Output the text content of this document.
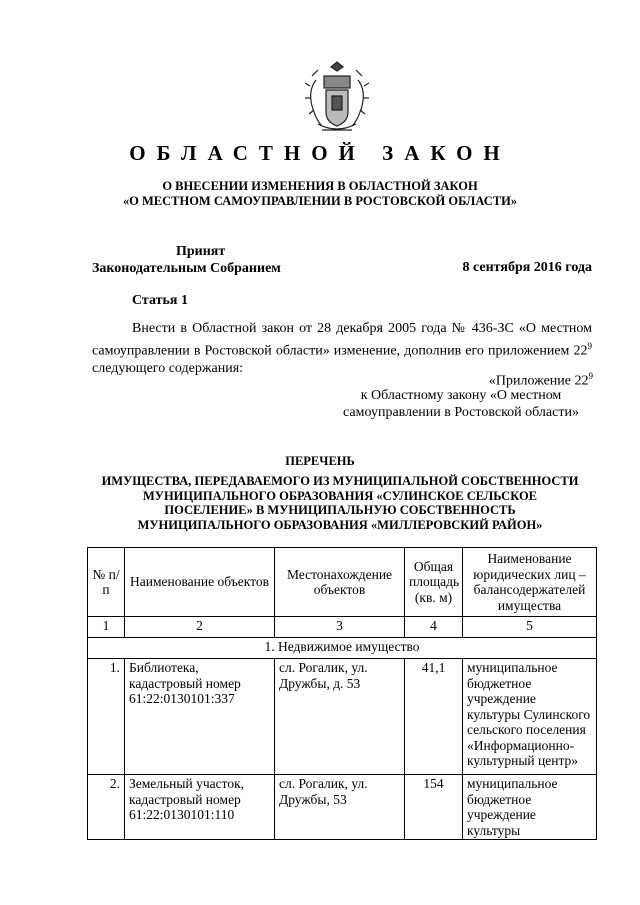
ОБЛАСТНОЙ ЗАКОН
О ВНЕСЕНИИ ИЗМЕНЕНИЯ В ОБЛАСТНОЙ ЗАКОН
«О МЕСТНОМ САМОУПРАВЛЕНИИ В РОСТОВСКОЙ ОБЛАСТИ»
Принят
Законодательным Собранием	8 сентября 2016 года
Статья 1
Внести в Областной закон от 28 декабря 2005 года № 436-ЗС «О местном самоуправлении в Ростовской области» изменение, дополнив его приложением $22^9$ следующего содержания:
«Приложение $22^9$
к Областному закону «О местном
самоуправлении в Ростовской области»
ПЕРЕЧЕНЬ
ИМУЩЕСТВА, ПЕРЕДАВАЕМОГО ИЗ МУНИЦИПАЛЬНОЙ СОБСТВЕННОСТИ
МУНИЦИПАЛЬНОГО ОБРАЗОВАНИЯ «СУЛИНСКОЕ СЕЛЬСКОЕ
ПОСЕЛЕНИЕ» В МУНИЦИПАЛЬНУЮ СОБСТВЕННОСТЬ
МУНИЦИПАЛЬНОГО ОБРАЗОВАНИЯ «МИЛЛЕРОВСКИЙ РАЙОН»
№ п/п	Наименование объектов	Местонахождение объектов	Общая площадь (кв. м)	Наименование юридических лиц – балансодержателей имущества
1	2	3	4	5
1. Недвижимое имущество				
1.	Библиотека, кадастровый номер 61:22:0130101:337	сл. Рогалик, ул. Дружбы, д. 53	41,1	муниципальное бюджетное учреждение культуры Сулинского сельского поселения «Информационно-культурный центр»
2.	Земельный участок, кадастровый номер 61:22:0130101:110	сл. Рогалик, ул. Дружбы, 53	154	муниципальное бюджетное учреждение культуры
